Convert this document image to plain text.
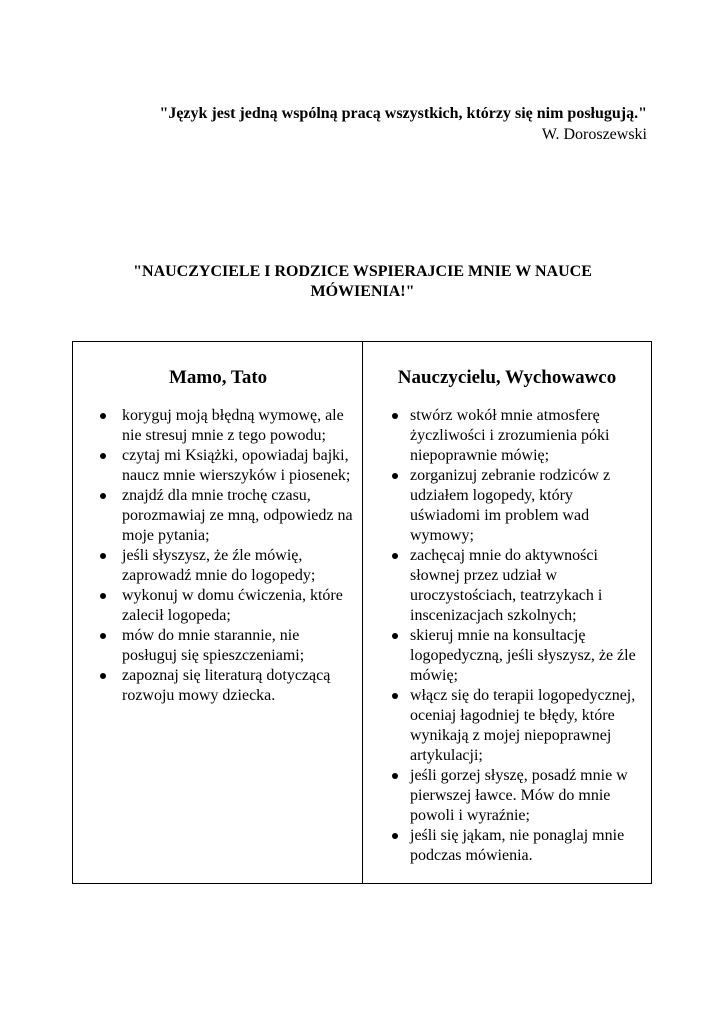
"Język jest jedną wspólną pracą wszystkich, którzy się nim posługują."
W. Doroszewski
"NAUCZYCIELE I RODZICE WSPIERAJCIE MNIE W NAUCE
MÓWIENIA!"
Mamo, Tato
koryguj moją błędną wymowę, ale nie stresuj mnie z tego powodu;
czytaj mi Książki, opowiadaj bajki, naucz mnie wierszyków i piosenek;
znajdź dla mnie trochę czasu, porozmawiaj ze mną, odpowiedz na moje pytania;
jeśli słyszysz, że źle mówię, zaprowadź mnie do logopedy;
wykonuj w domu ćwiczenia, które zalecił logopeda;
mów do mnie starannie, nie posługuj się spieszczeniami;
zapoznaj się literaturą dotyczącą rozwoju mowy dziecka.
Nauczycielu, Wychowawco
stwórz wokół mnie atmosferę życzliwości i zrozumienia póki niepoprawnie mówię;
zorganizuj zebranie rodziców z udziałem logopedy, który uświadomi im problem wad wymowy;
zachęcaj mnie do aktywności słownej przez udział w uroczystościach, teatrzykach i inscenizacjach szkolnych;
skieruj mnie na konsultację logopedyczną, jeśli słyszysz, że źle mówię;
włącz się do terapii logopedycznej, oceniaj łagodniej te błędy, które wynikają z mojej niepoprawnej artykulacji;
jeśli gorzej słyszę, posadź mnie w pierwszej ławce. Mów do mnie powoli i wyraźnie;
jeśli się jąkam, nie ponaglaj mnie podczas mówienia.
